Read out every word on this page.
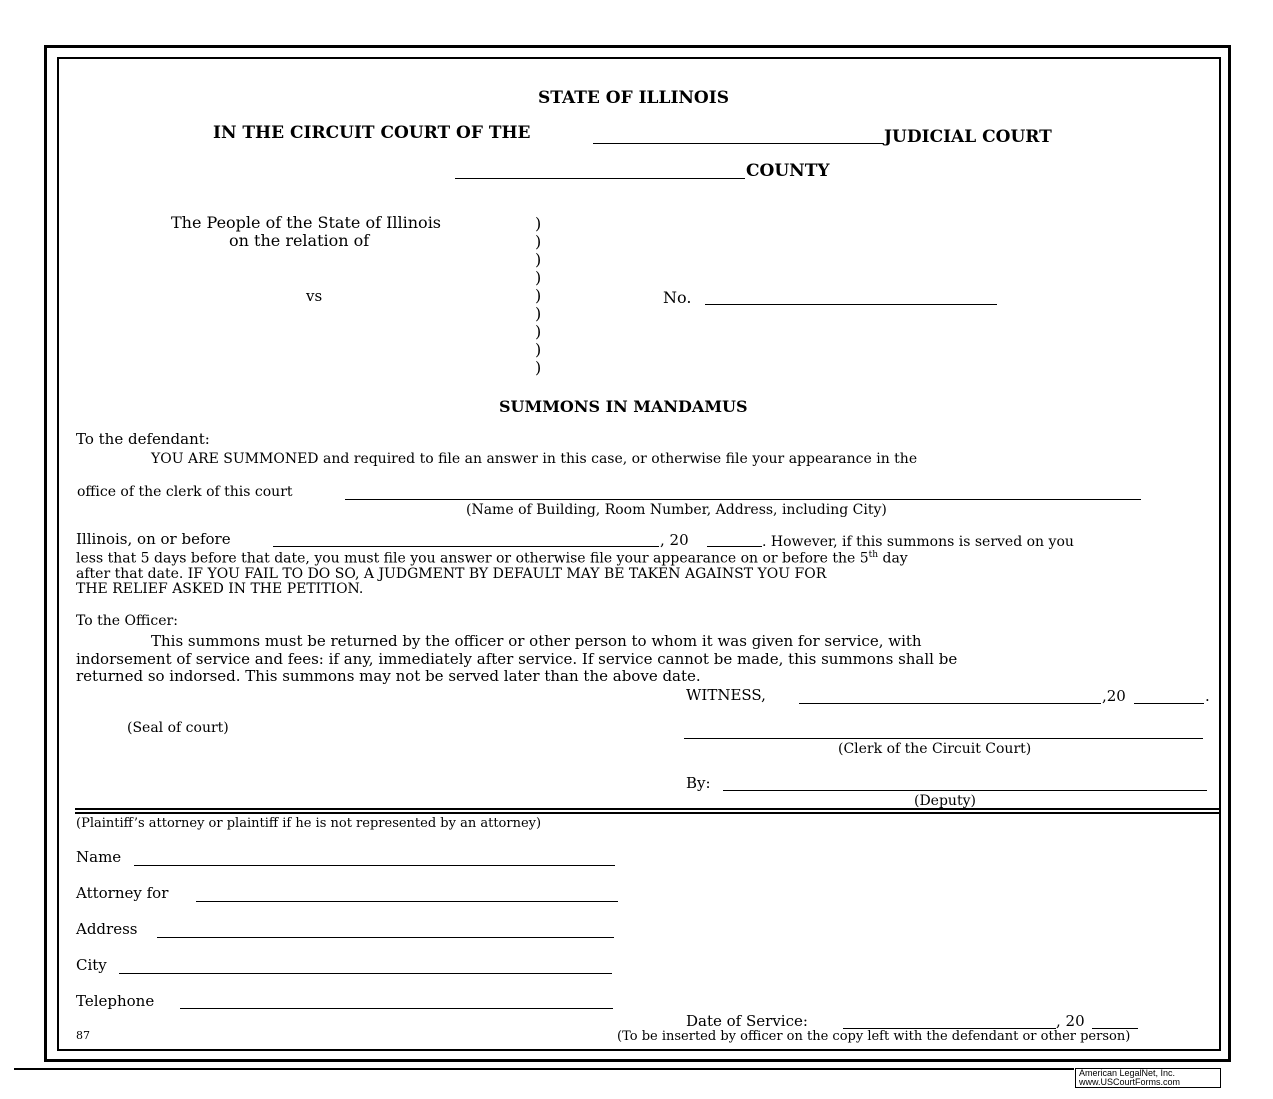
STATE OF ILLINOIS
IN THE CIRCUIT COURT OF THE	JUDICIAL COURT
COUNTY
The People of the State of Illinois
on the relation of
vs
)
)
)
)
)
)
)
)
)
No.
SUMMONS IN MANDAMUS
To the defendant:
YOU ARE SUMMONED and required to file an answer in this case, or otherwise file your appearance in the
office of the clerk of this court
(Name of Building, Room Number, Address, including City)
Illinois, on or before	, 20	. However, if this summons is served on you
less that 5 days before that date, you must file you answer or otherwise file your appearance on or before the 5th day
after that date. IF YOU FAIL TO DO SO, A JUDGMENT BY DEFAULT MAY BE TAKEN AGAINST YOU FOR
THE RELIEF ASKED IN THE PETITION.
To the Officer:
This summons must be returned by the officer or other person to whom it was given for service, with
indorsement of service and fees: if any, immediately after service. If service cannot be made, this summons shall be
returned so indorsed. This summons may not be served later than the above date.
WITNESS,	,20	.
(Seal of court)
(Clerk of the Circuit Court)
By:
(Deputy)
(Plaintiff’s attorney or plaintiff if he is not represented by an attorney)
Name
Attorney for
Address
City
Telephone
Date of Service:	, 20
(To be inserted by officer on the copy left with the defendant or other person)
87
American LegalNet, Inc.
www.USCourtForms.com
